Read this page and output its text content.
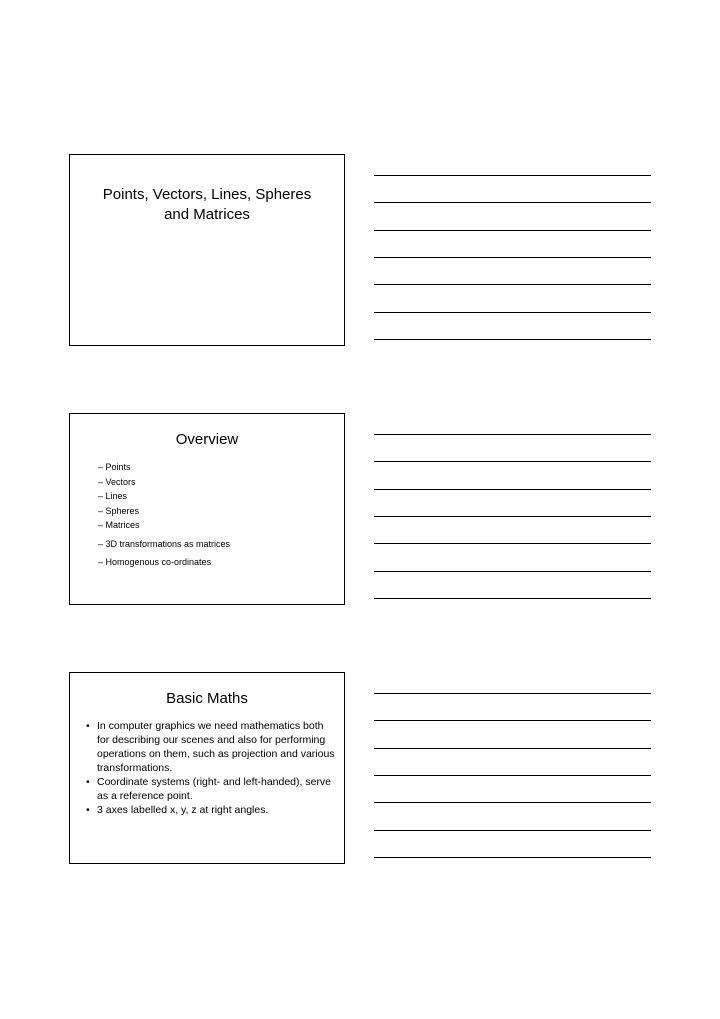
Points, Vectors, Lines, Spheres and Matrices
Overview
– Points
– Vectors
– Lines
– Spheres
– Matrices
– 3D transformations as matrices
– Homogenous co-ordinates
Basic Maths
• In computer graphics we need mathematics both for describing our scenes and also for performing operations on them, such as projection and various transformations.
• Coordinate systems (right- and left-handed), serve as a reference point.
• 3 axes labelled x, y, z at right angles.
